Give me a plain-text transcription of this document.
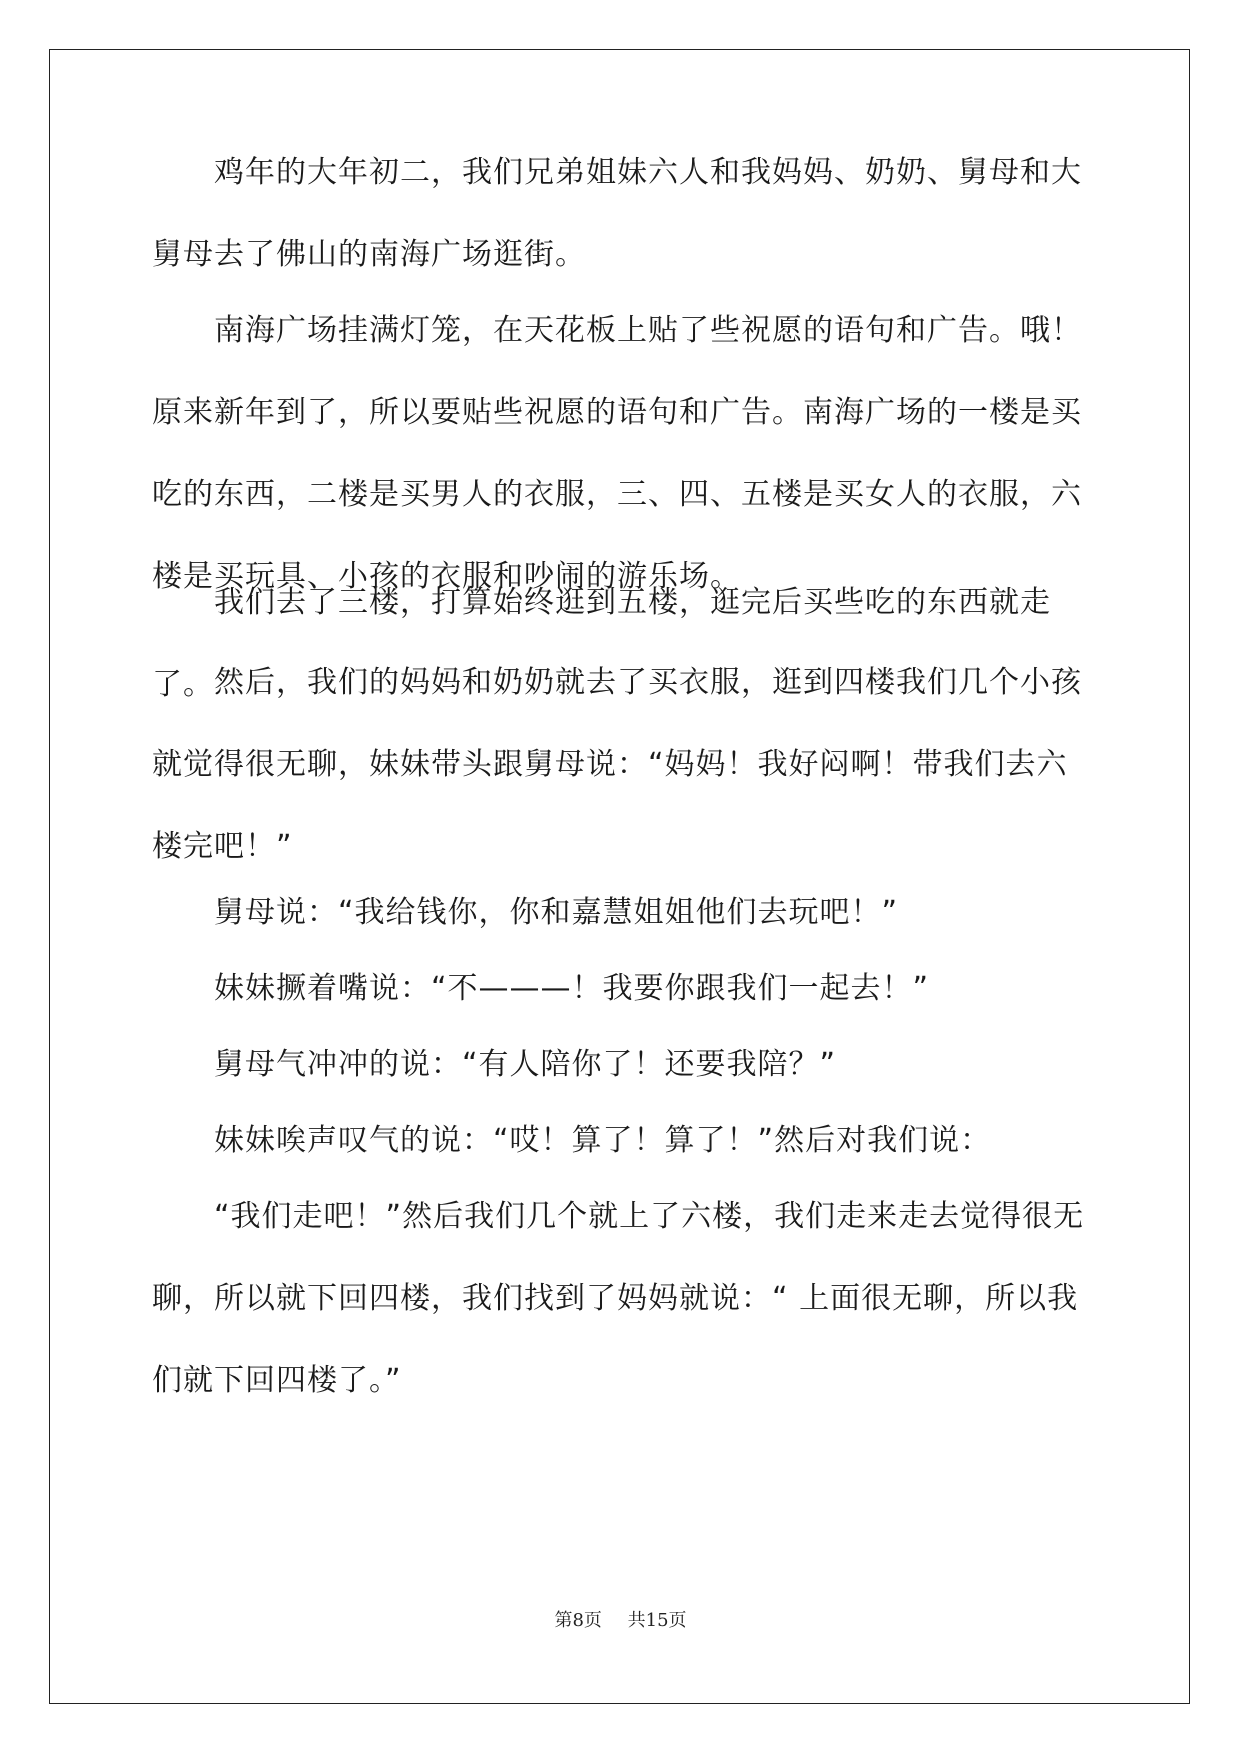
鸡年的大年初二，我们兄弟姐妹六人和我妈妈、奶奶、舅母和大舅母去了佛山的南海广场逛街。

南海广场挂满灯笼，在天花板上贴了些祝愿的语句和广告。哦！原来新年到了，所以要贴些祝愿的语句和广告。南海广场的一楼是买吃的东西，二楼是买男人的衣服，三、四、五楼是买女人的衣服，六楼是买玩具、小孩的衣服和吵闹的游乐场。

我们去了三楼，打算始终逛到五楼，逛完后买些吃的东西就走了。 然后，我们的妈妈和奶奶就去了买衣服，逛到四楼我们几个小孩就觉得很无聊，妹妹带头跟舅母说：“妈妈！我好闷啊！带我们去六楼完吧！”

舅母说：“我给钱你，你和嘉慧姐姐他们去玩吧！”

妹妹撅着嘴说：“不———！我要你跟我们一起去！”

舅母气冲冲的说：“有人陪你了！还要我陪？”

妹妹唉声叹气的说：“哎！算了！算了！”然后对我们说：

“我们走吧！”然后我们几个就上了六楼，我们走来走去觉得很无聊，所以就下回四楼，我们找到了妈妈就说：“ 上面很无聊，所以我们就下回四楼了。”

第8页 共15页
